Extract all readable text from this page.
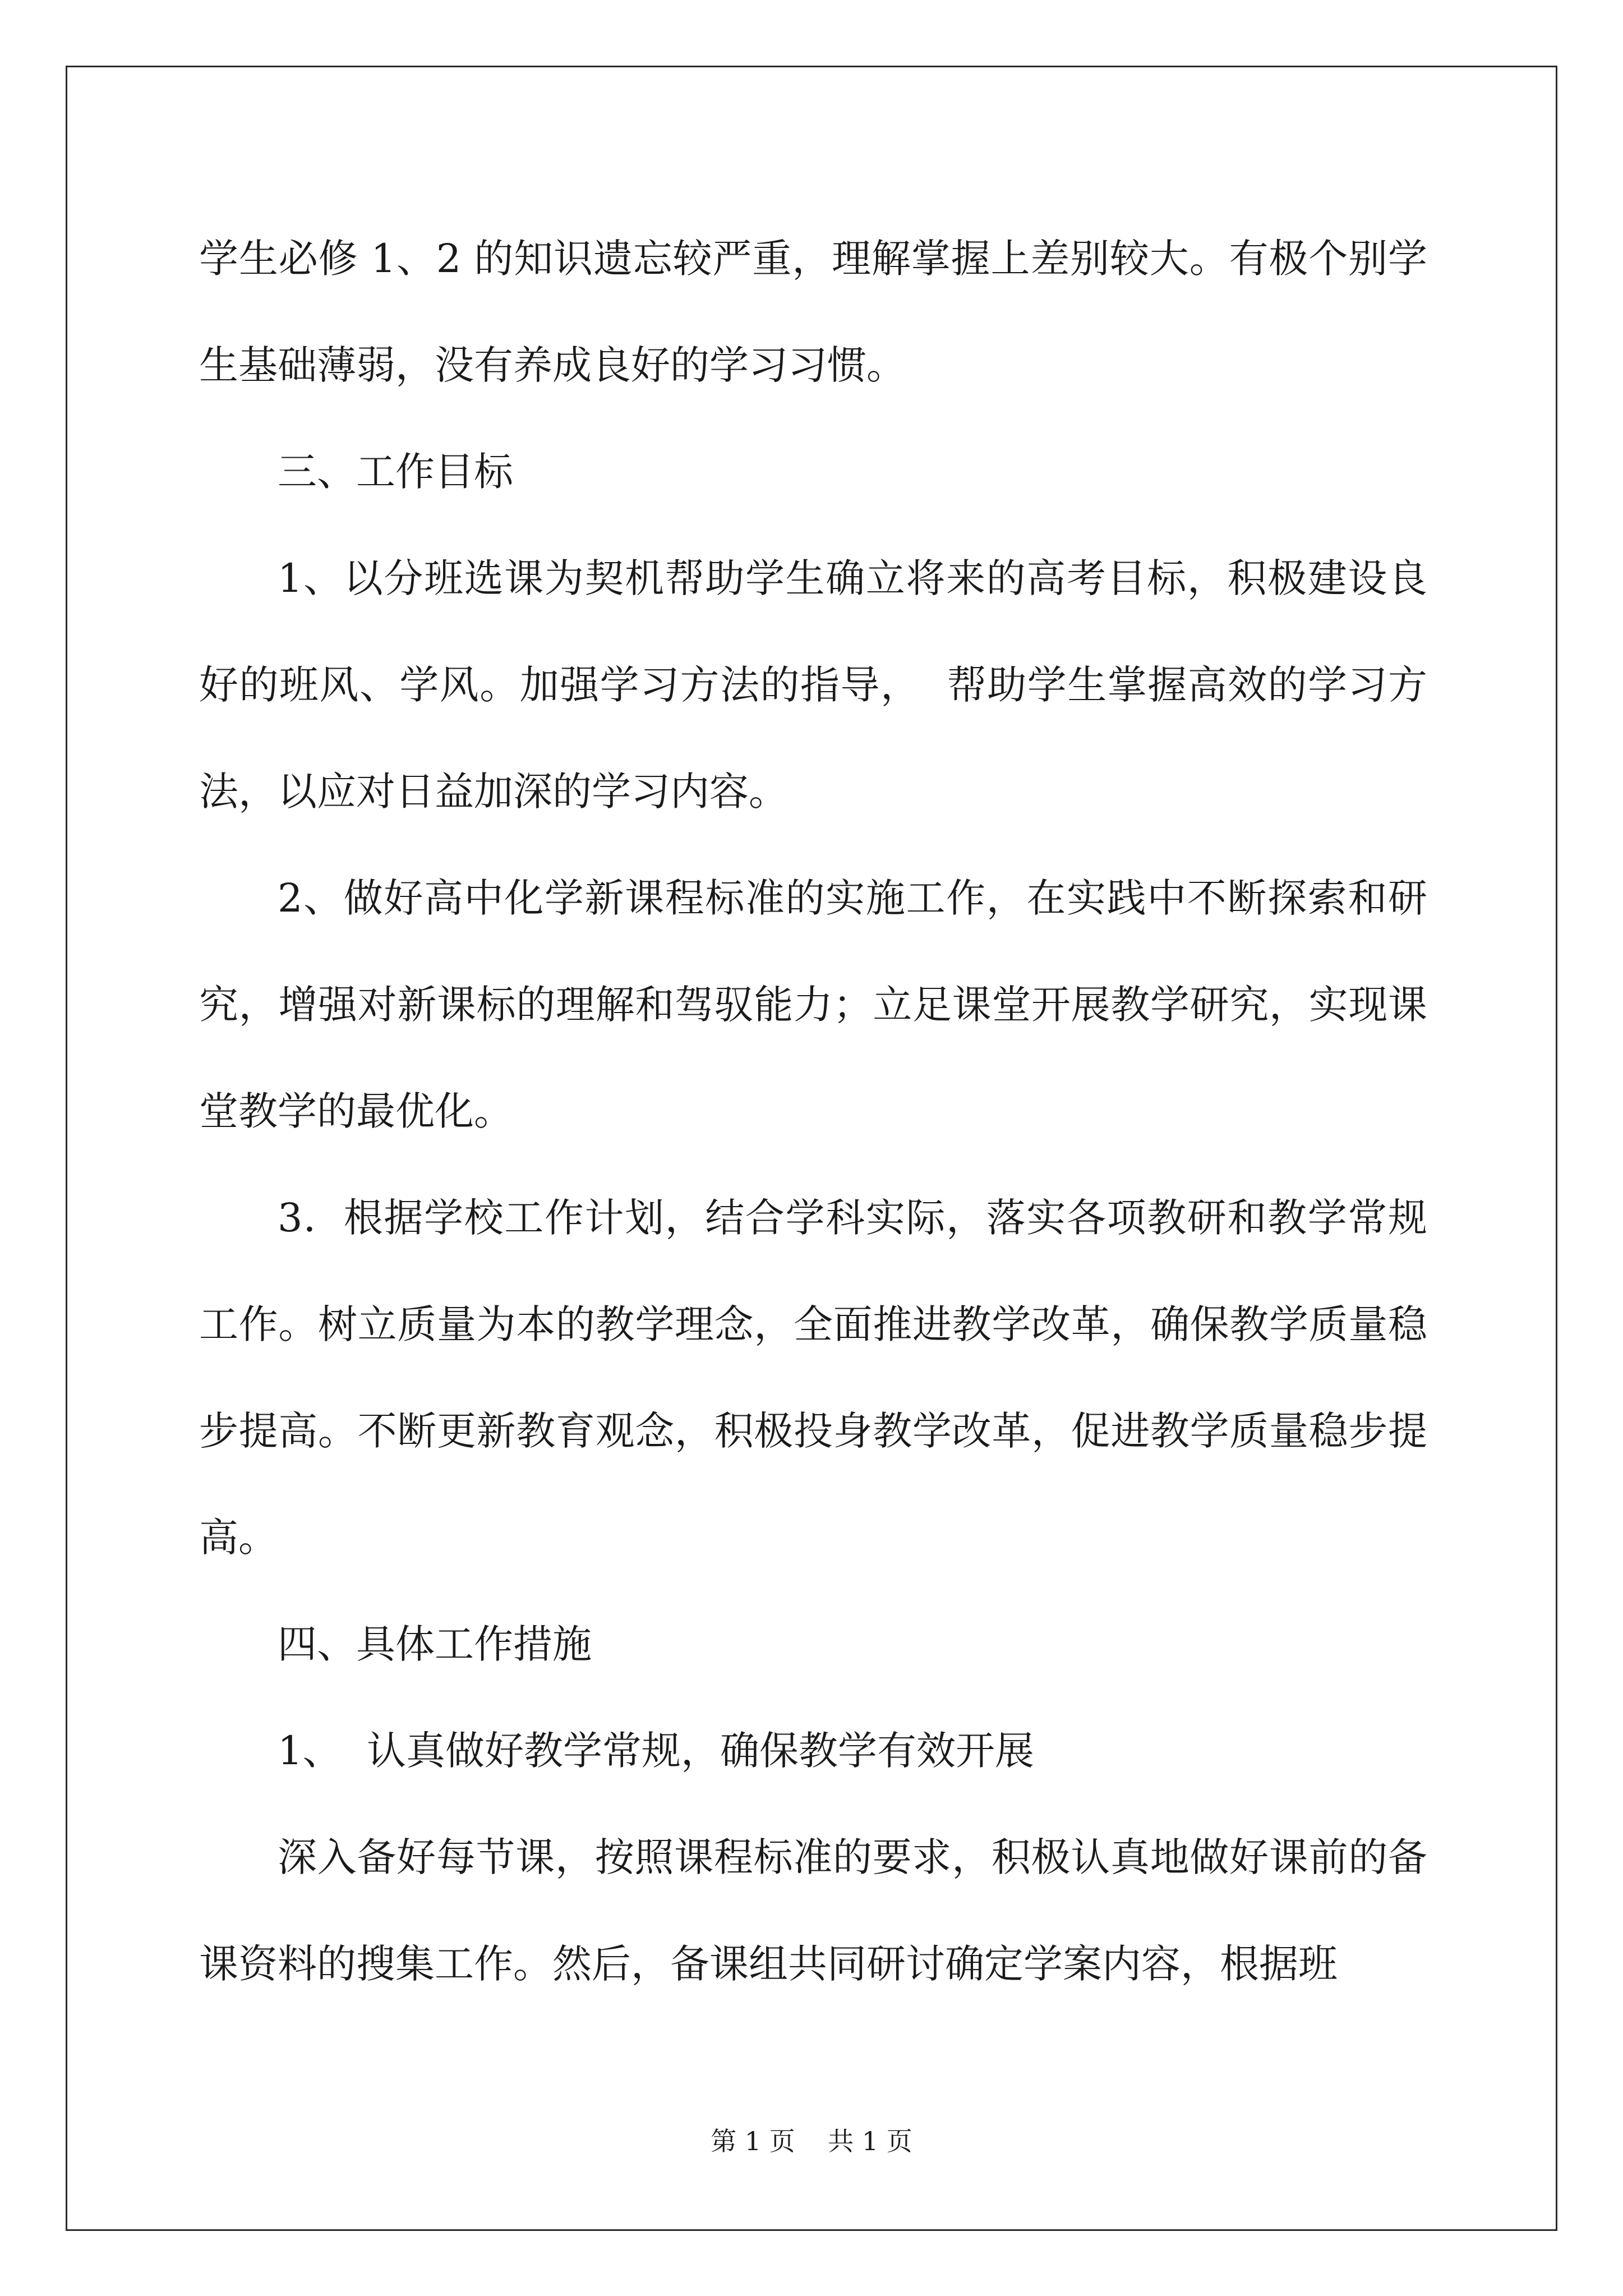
学生必修 1、2 的知识遗忘较严重，理解掌握上差别较大。有极个别学生基础薄弱，没有养成良好的学习习惯。

三、工作目标

1、以分班选课为契机帮助学生确立将来的高考目标，积极建设良好的班风、学风。加强学习方法的指导，  帮助学生掌握高效的学习方法，以应对日益加深的学习内容。

2、做好高中化学新课程标准的实施工作，在实践中不断探索和研究，增强对新课标的理解和驾驭能力；立足课堂开展教学研究，实现课堂教学的最优化。

3．根据学校工作计划，结合学科实际，落实各项教研和教学常规工作。树立质量为本的教学理念，全面推进教学改革，确保教学质量稳步提高。不断更新教育观念，积极投身教学改革，促进教学质量稳步提高。

四、具体工作措施

1、  认真做好教学常规，确保教学有效开展

深入备好每节课，按照课程标准的要求，积极认真地做好课前的备课资料的搜集工作。然后，备课组共同研讨确定学案内容，根据班

第 1 页    共 1 页
